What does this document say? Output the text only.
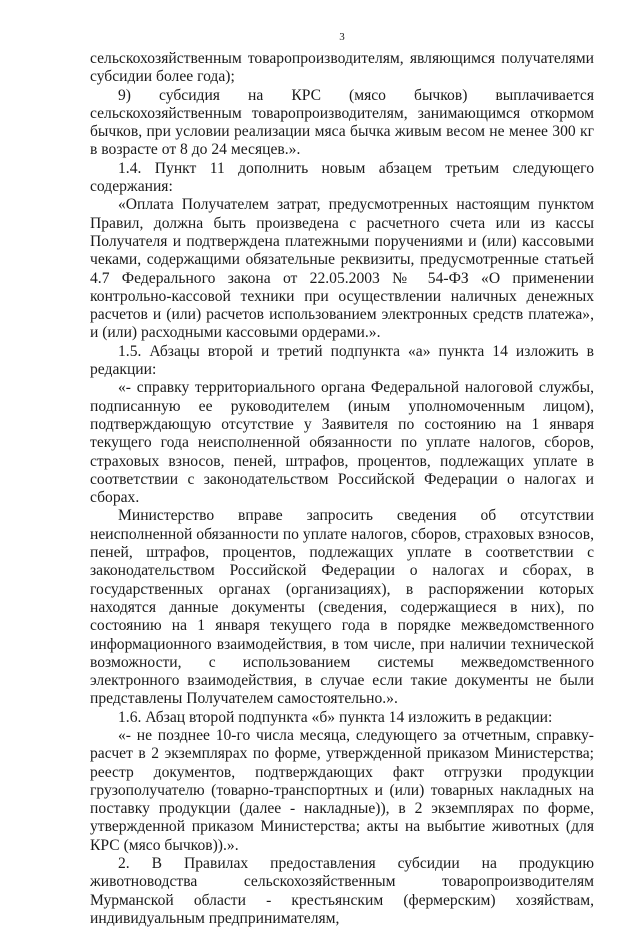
3

сельскохозяйственным товаропроизводителям, являющимся получателями субсидии более года);

9) субсидия на КРС (мясо бычков) выплачивается сельскохозяйственным товаропроизводителям, занимающимся откормом бычков, при условии реализации мяса бычка живым весом не менее 300 кг в возрасте от 8 до 24 месяцев.».

1.4. Пункт 11 дополнить новым абзацем третьим следующего содержания:

«Оплата Получателем затрат, предусмотренных настоящим пунктом Правил, должна быть произведена с расчетного счета или из кассы Получателя и подтверждена платежными поручениями и (или) кассовыми чеками, содержащими обязательные реквизиты, предусмотренные статьей 4.7 Федерального закона от 22.05.2003 № 54-ФЗ «О применении контрольно-кассовой техники при осуществлении наличных денежных расчетов и (или) расчетов использованием электронных средств платежа», и (или) расходными кассовыми ордерами.».

1.5. Абзацы второй и третий подпункта «а» пункта 14 изложить в редакции:

«- справку территориального органа Федеральной налоговой службы, подписанную ее руководителем (иным уполномоченным лицом), подтверждающую отсутствие у Заявителя по состоянию на 1 января текущего года неисполненной обязанности по уплате налогов, сборов, страховых взносов, пеней, штрафов, процентов, подлежащих уплате в соответствии с законодательством Российской Федерации о налогах и сборах.

Министерство вправе запросить сведения об отсутствии неисполненной обязанности по уплате налогов, сборов, страховых взносов, пеней, штрафов, процентов, подлежащих уплате в соответствии с законодательством Российской Федерации о налогах и сборах, в государственных органах (организациях), в распоряжении которых находятся данные документы (сведения, содержащиеся в них), по состоянию на 1 января текущего года в порядке межведомственного информационного взаимодействия, в том числе, при наличии технической возможности, с использованием системы межведомственного электронного взаимодействия, в случае если такие документы не были представлены Получателем самостоятельно.».

1.6. Абзац второй подпункта «б» пункта 14 изложить в редакции:

«- не позднее 10-го числа месяца, следующего за отчетным, справку-расчет в 2 экземплярах по форме, утвержденной приказом Министерства; реестр документов, подтверждающих факт отгрузки продукции грузополучателю (товарно-транспортных и (или) товарных накладных на поставку продукции (далее - накладные)), в 2 экземплярах по форме, утвержденной приказом Министерства; акты на выбытие животных (для КРС (мясо бычков)).».

2. В Правилах предоставления субсидии на продукцию животноводства сельскохозяйственным товаропроизводителям Мурманской области - крестьянским (фермерским) хозяйствам, индивидуальным предпринимателям,
